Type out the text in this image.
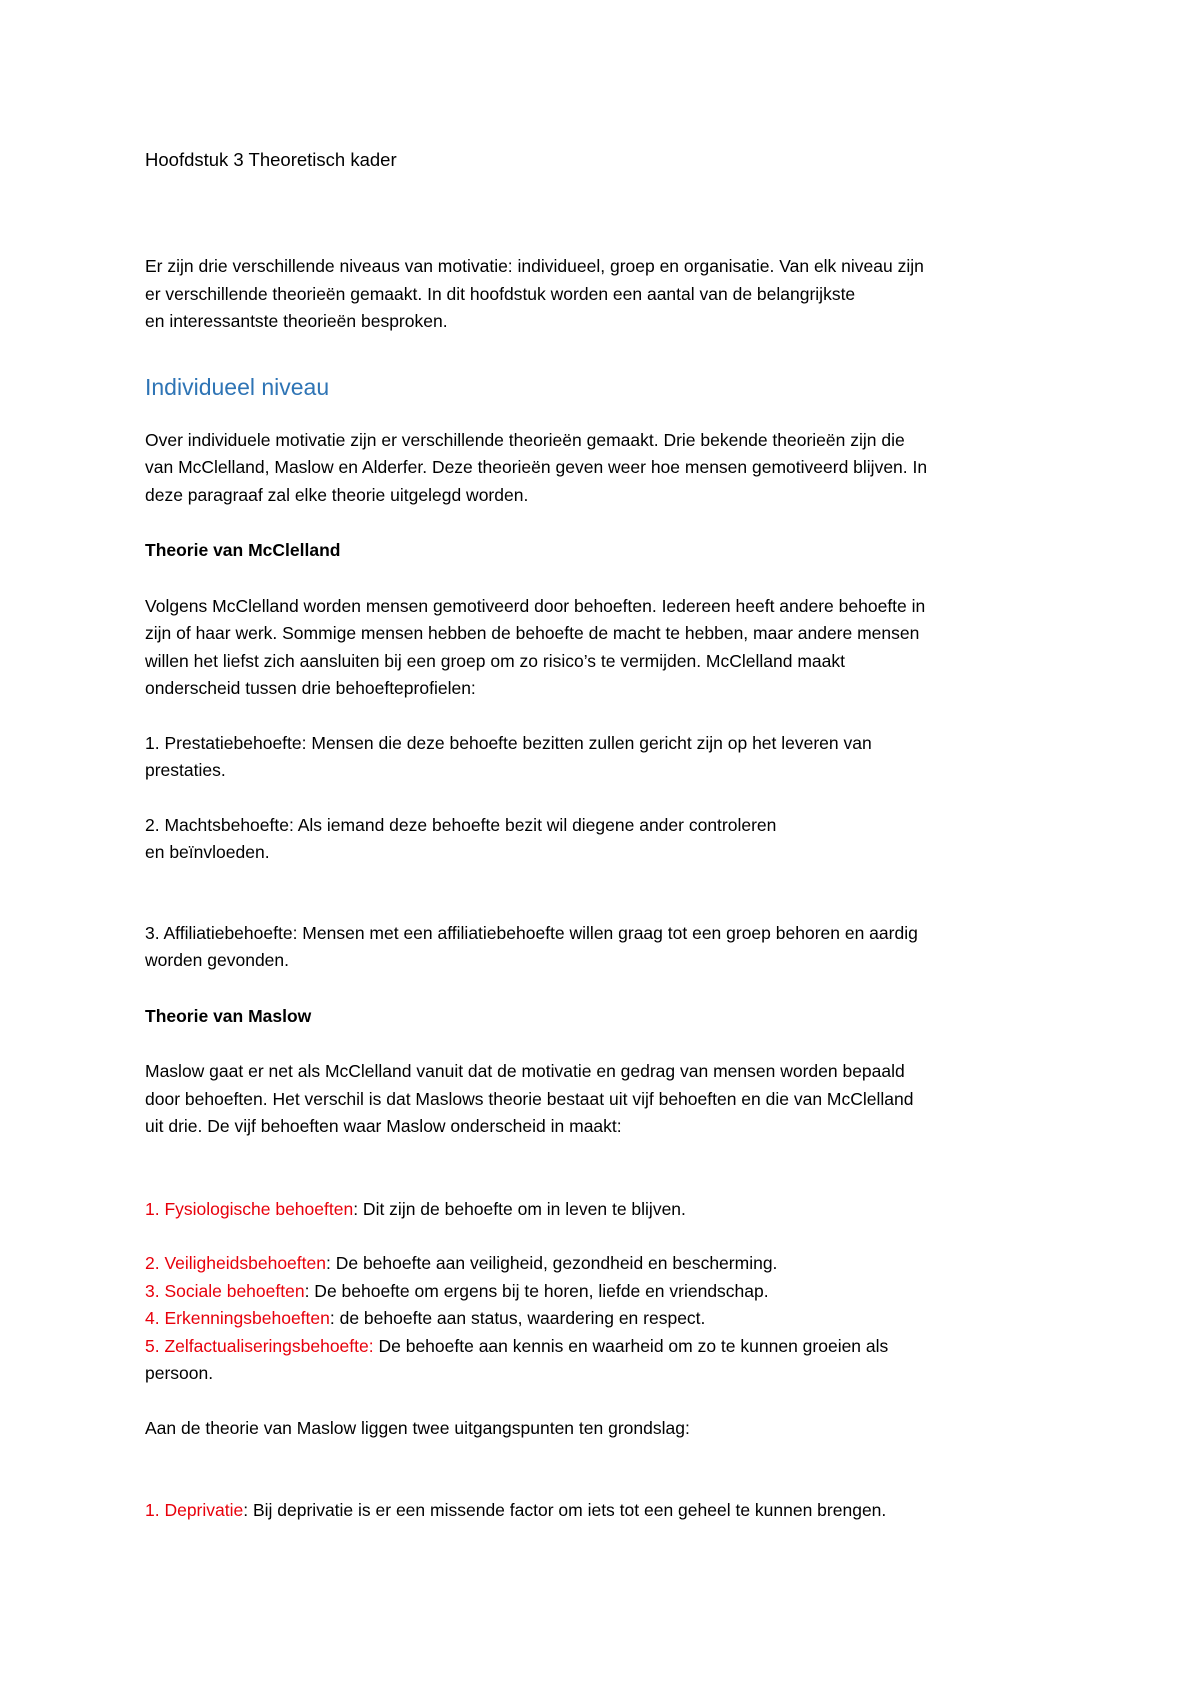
Hoofdstuk 3 Theoretisch kader

Er zijn drie verschillende niveaus van motivatie: individueel, groep en organisatie. Van elk niveau zijn

er verschillende theorieën gemaakt. In dit hoofdstuk worden een aantal van de belangrijkste

en interessantste theorieën besproken.

Individueel niveau

Over individuele motivatie zijn er verschillende theorieën gemaakt. Drie bekende theorieën zijn die

van McClelland, Maslow en Alderfer. Deze theorieën geven weer hoe mensen gemotiveerd blijven. In

deze paragraaf zal elke theorie uitgelegd worden.

Theorie van McClelland

Volgens McClelland worden mensen gemotiveerd door behoeften. Iedereen heeft andere behoefte in

zijn of haar werk. Sommige mensen hebben de behoefte de macht te hebben, maar andere mensen

willen het liefst zich aansluiten bij een groep om zo risico’s te vermijden. McClelland maakt

onderscheid tussen drie behoefteprofielen:

1. Prestatiebehoefte: Mensen die deze behoefte bezitten zullen gericht zijn op het leveren van

prestaties.

2. Machtsbehoefte: Als iemand deze behoefte bezit wil diegene ander controleren

en beïnvloeden.

3. Affiliatiebehoefte: Mensen met een affiliatiebehoefte willen graag tot een groep behoren en aardig

worden gevonden.

Theorie van Maslow

Maslow gaat er net als McClelland vanuit dat de motivatie en gedrag van mensen worden bepaald

door behoeften. Het verschil is dat Maslows theorie bestaat uit vijf behoeften en die van McClelland

uit drie. De vijf behoeften waar Maslow onderscheid in maakt:

1. Fysiologische behoeften: Dit zijn de behoefte om in leven te blijven.

2. Veiligheidsbehoeften: De behoefte aan veiligheid, gezondheid en bescherming.

3. Sociale behoeften: De behoefte om ergens bij te horen, liefde en vriendschap.

4. Erkenningsbehoeften: de behoefte aan status, waardering en respect.

5. Zelfactualiseringsbehoefte: De behoefte aan kennis en waarheid om zo te kunnen groeien als

persoon.

Aan de theorie van Maslow liggen twee uitgangspunten ten grondslag:

1. Deprivatie: Bij deprivatie is er een missende factor om iets tot een geheel te kunnen brengen.
